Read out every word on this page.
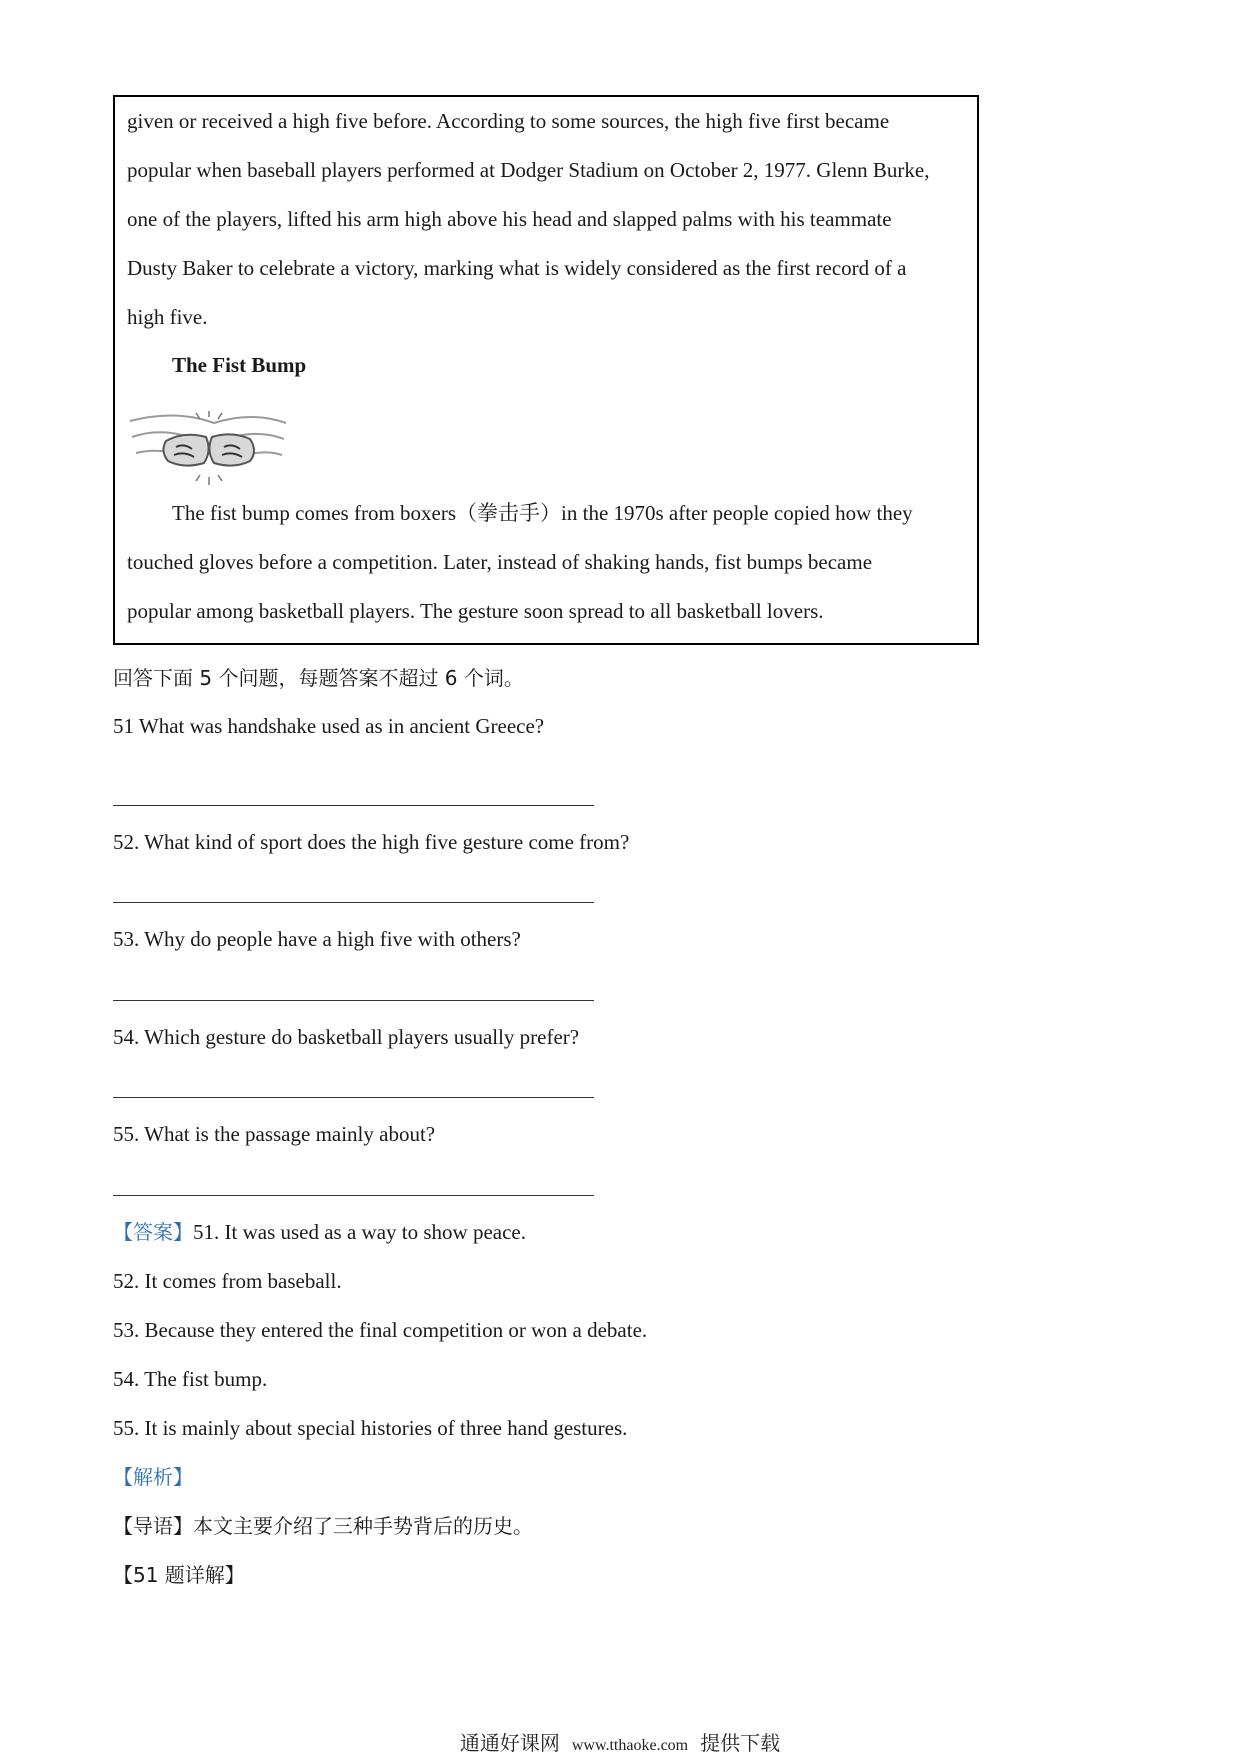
given or received a high five before. According to some sources, the high five first became
popular when baseball players performed at Dodger Stadium on October 2, 1977. Glenn Burke,
one of the players, lifted his arm high above his head and slapped palms with his teammate
Dusty Baker to celebrate a victory, marking what is widely considered as the first record of a
high five.
The Fist Bump
The fist bump comes from boxers（拳击手）in the 1970s after people copied how they
touched gloves before a competition. Later, instead of shaking hands, fist bumps became
popular among basketball players. The gesture soon spread to all basketball lovers.
回答下面 5 个问题，每题答案不超过 6 个词。
51 What was handshake used as in ancient Greece?
52. What kind of sport does the high five gesture come from?
53. Why do people have a high five with others?
54. Which gesture do basketball players usually prefer?
55. What is the passage mainly about?
【答案】51. It was used as a way to show peace.
52. It comes from baseball.
53. Because they entered the final competition or won a debate.
54. The fist bump.
55. It is mainly about special histories of three hand gestures.
【解析】
【导语】本文主要介绍了三种手势背后的历史。
【51 题详解】
通通好课网 www.tthaoke.com 提供下载
